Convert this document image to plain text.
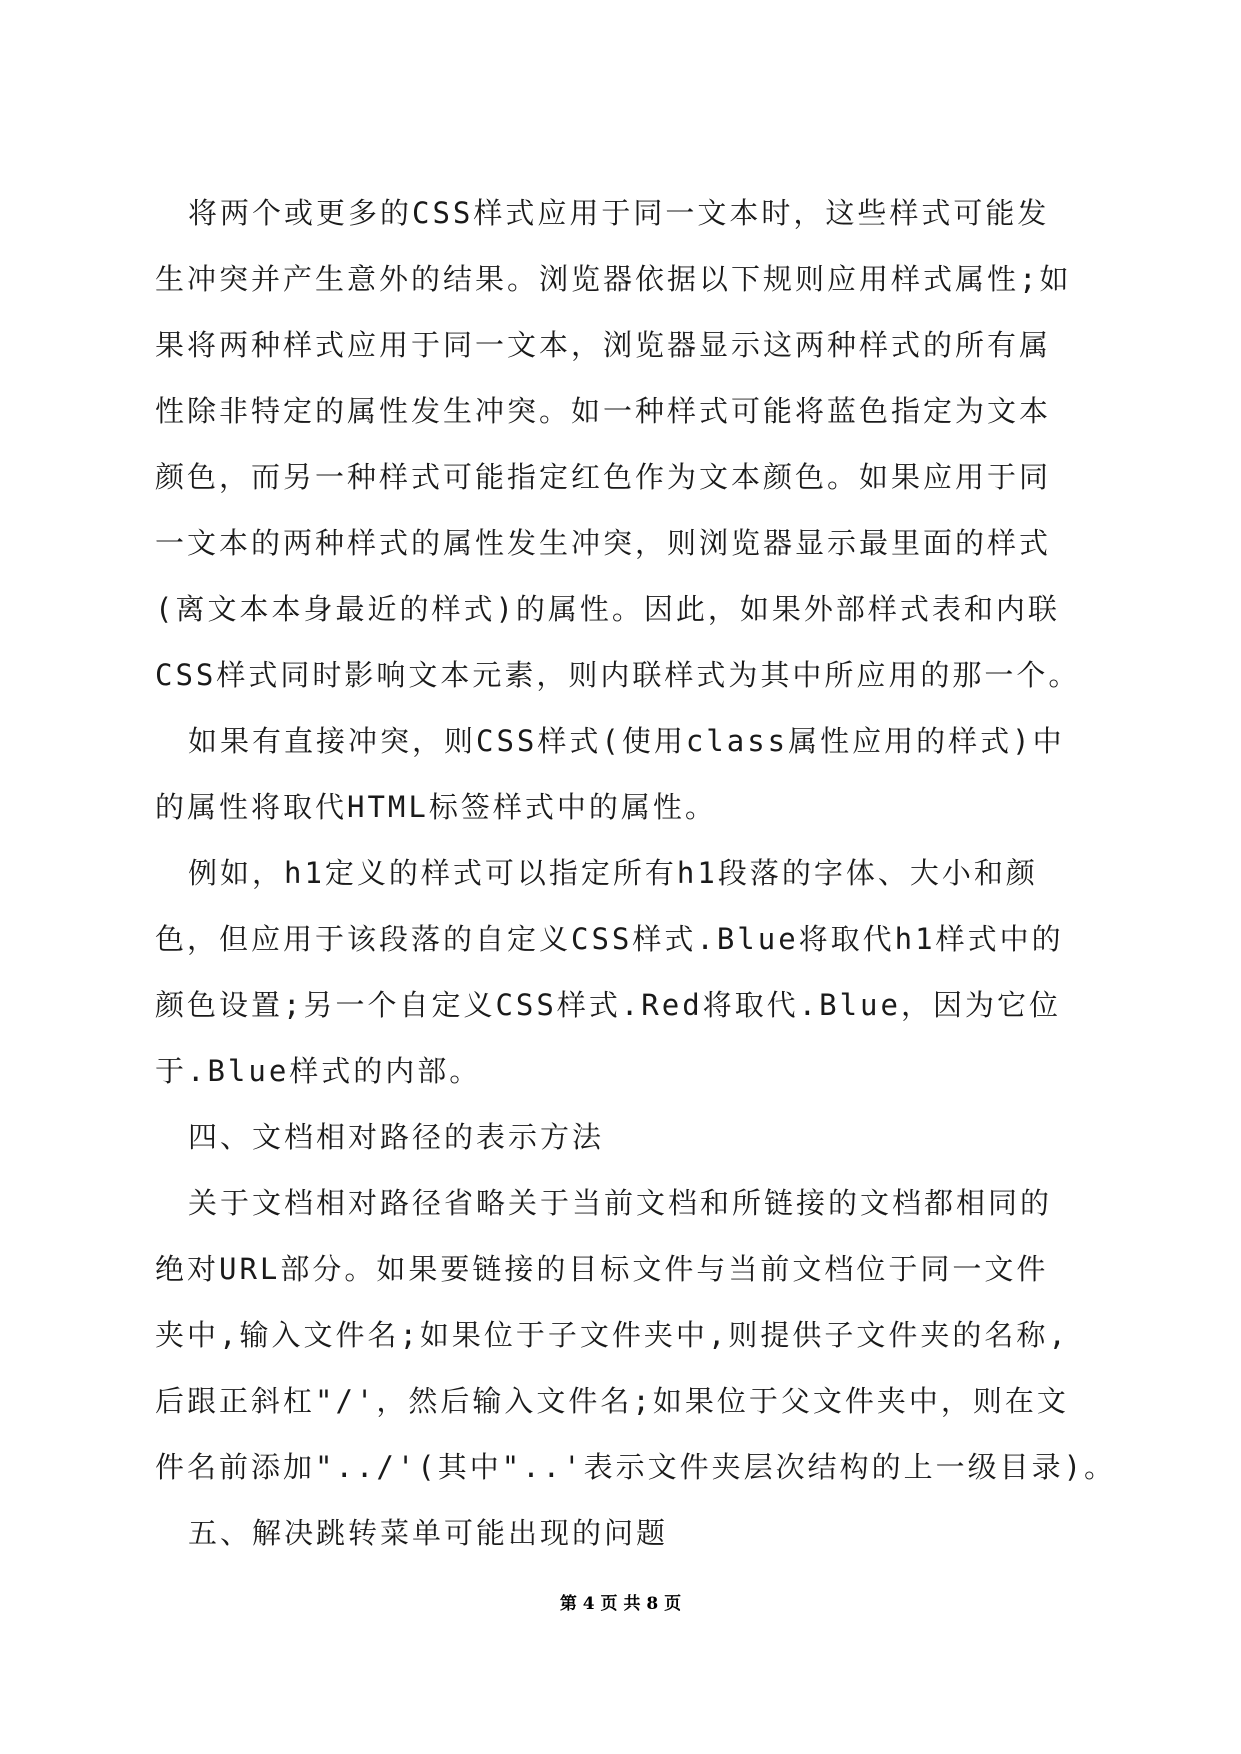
将两个或更多的CSS样式应用于同一文本时，这些样式可能发
生冲突并产生意外的结果。浏览器依据以下规则应用样式属性;如
果将两种样式应用于同一文本，浏览器显示这两种样式的所有属
性除非特定的属性发生冲突。如一种样式可能将蓝色指定为文本
颜色，而另一种样式可能指定红色作为文本颜色。如果应用于同
一文本的两种样式的属性发生冲突，则浏览器显示最里面的样式
(离文本本身最近的样式)的属性。因此，如果外部样式表和内联
CSS样式同时影响文本元素，则内联样式为其中所应用的那一个。
如果有直接冲突，则CSS样式(使用class属性应用的样式)中
的属性将取代HTML标签样式中的属性。
例如，h1定义的样式可以指定所有h1段落的字体、大小和颜
色，但应用于该段落的自定义CSS样式.Blue将取代h1样式中的
颜色设置;另一个自定义CSS样式.Red将取代.Blue，因为它位
于.Blue样式的内部。
四、文档相对路径的表示方法
关于文档相对路径省略关于当前文档和所链接的文档都相同的
绝对URL部分。如果要链接的目标文件与当前文档位于同一文件
夹中,输入文件名;如果位于子文件夹中,则提供子文件夹的名称,
后跟正斜杠"/'，然后输入文件名;如果位于父文件夹中，则在文
件名前添加"../'(其中"..'表示文件夹层次结构的上一级目录)。
五、解决跳转菜单可能出现的问题
第 4 页 共 8 页
